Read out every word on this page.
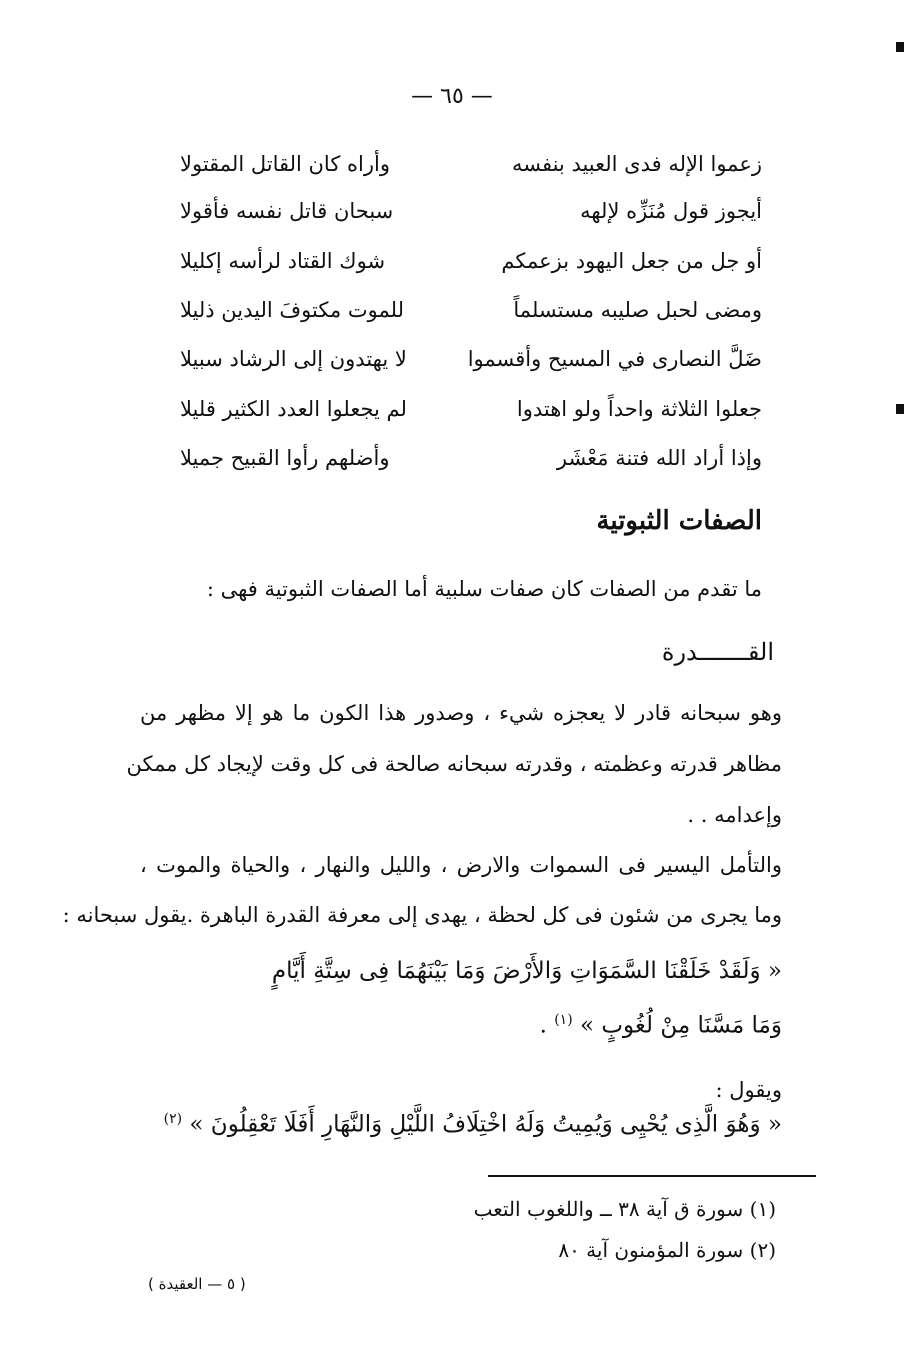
— ٦٥ —
زعموا الإله فدى العبيد بنفسه
وأراه كان القاتل المقتولا
أيجوز قول مُنَزِّه لإلهه
سبحان قاتل نفسه فأقولا
أو جل من جعل اليهود بزعمكم
شوك القتاد لرأسه إكليلا
ومضى لحبل صليبه مستسلماً
للموت مكتوفَ اليدين ذليلا
ضَلَّ النصارى في المسيح وأقسموا
لا يهتدون إلى الرشاد سبيلا
جعلوا الثلاثة واحداً ولو اهتدوا
لم يجعلوا العدد الكثير قليلا
وإذا أراد الله فتنة مَعْشَر
وأضلهم رأوا القبيح جميلا
الصفات الثبوتية
ما تقدم من الصفات كان صفات سلبية أما الصفات الثبوتية فهى :
القـــــــدرة
وهو سبحانه قادر لا يعجزه شيء ، وصدور هذا الكون ما هو إلا مظهر من
مظاهر قدرته وعظمته ، وقدرته سبحانه صالحة فى كل وقت لإيجاد كل ممكن
وإعدامه . .
والتأمل اليسير فى السموات والارض ، والليل والنهار ، والحياة والموت ،
وما يجرى من شئون فى كل لحظة ، يهدى إلى معرفة القدرة الباهرة .يقول سبحانه :
« وَلَقَدْ خَلَقْنَا السَّمَوَاتِ وَالأَرْضَ وَمَا بَيْنَهُمَا فِى سِتَّةِ أَيَّامٍ
وَمَا مَسَّنَا مِنْ لُغُوبٍ » $^{(١)}$ .
ويقول :
« وَهُوَ الَّذِى يُحْيِى وَيُمِيتُ وَلَهُ اخْتِلَافُ اللَّيْلِ وَالنَّهَارِ أَفَلَا تَعْقِلُونَ » $^{(٢)}$
(١) سورة ق آية ٣٨ ــ واللغوب التعب
(٢) سورة المؤمنون آية ٨٠
( ٥ — العقيدة )
